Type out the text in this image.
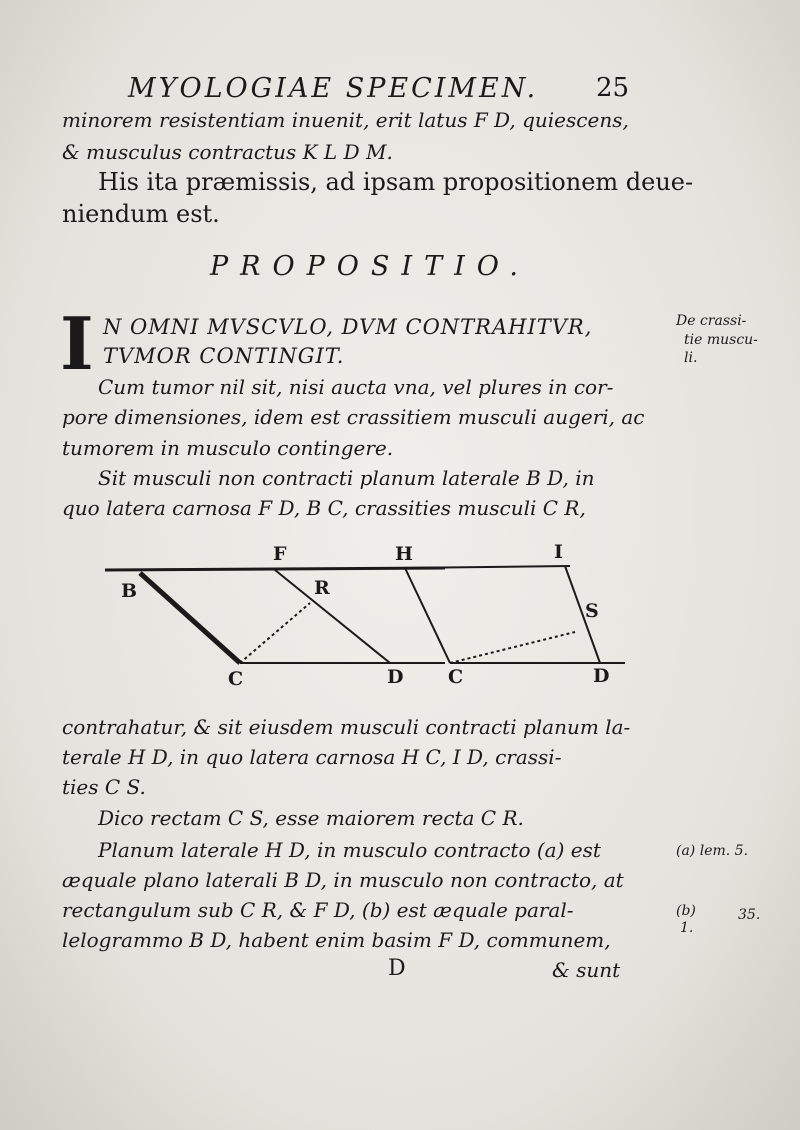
MYOLOGIAE SPECIMEN. 25
minorem resistentiam inuenit, erit latus F D, quiescens,
& musculus contractus K L D M.
His ita præmissis, ad ipsam propositionem deue-
niendum est.
PROPOSITIO.
I N OMNI MVSCVLO, DVM CONTRAHITVR,
TVMOR CONTINGIT.
De crassi-
tie muscu-
li.
Cum tumor nil sit, nisi aucta vna, vel plures in cor-
pore dimensiones, idem est crassitiem musculi augeri, ac
tumorem in musculo contingere.
Sit musculi non contracti planum laterale B D, in
quo latera carnosa F D, B C, crassities musculi C R,
B
F
R
C	D
H	I
S
C	D
contrahatur, & sit eiusdem musculi contracti planum la-
terale H D, in quo latera carnosa H C, I D, crassi-
ties C S.
Dico rectam C S, esse maiorem recta C R.
Planum laterale H D, in musculo contracto (a) est
æquale plano laterali B D, in musculo non contracto, at
rectangulum sub C R, & F D, (b) est æquale paral-
lelogrammo B D, habent enim basim F D, communem,
(a) lem. 5.
(b)	35.
1.
D	& sunt
